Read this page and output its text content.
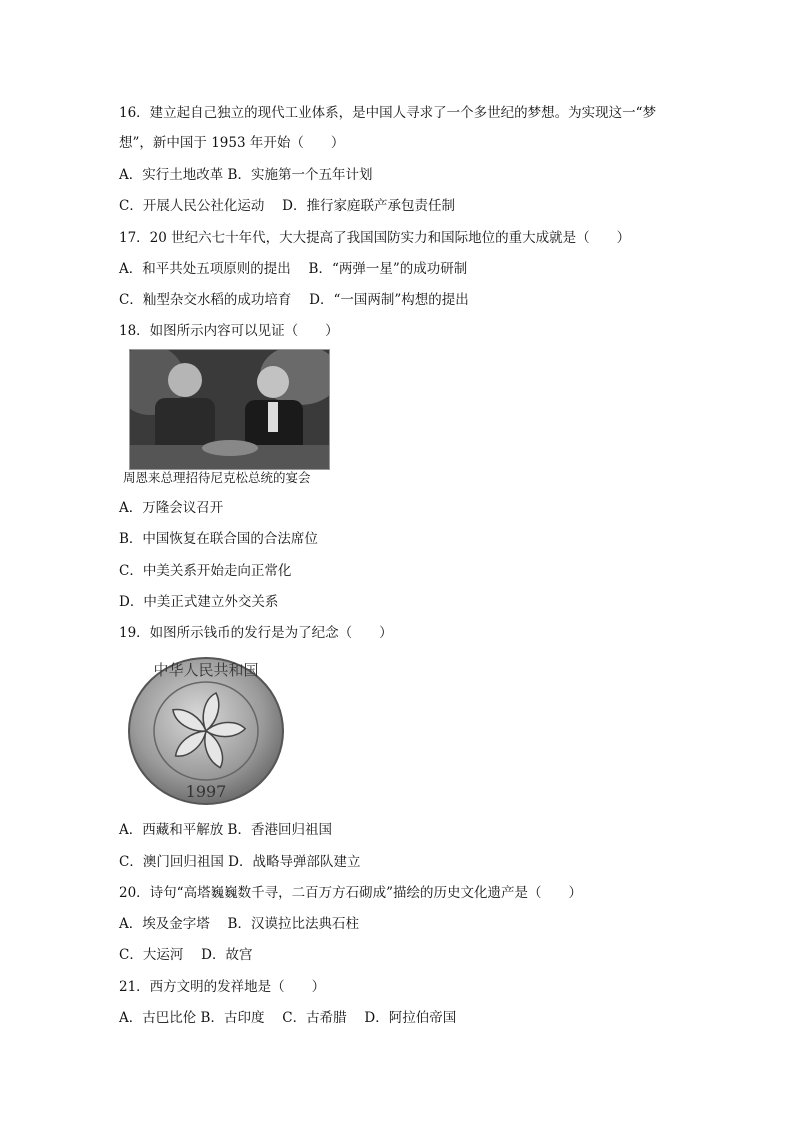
16．建立起自己独立的现代工业体系，是中国人寻求了一个多世纪的梦想。为实现这一“梦
想”，新中国于 1953 年开始（　　）
A．实行土地改革 B．实施第一个五年计划
C．开展人民公社化运动　 D．推行家庭联产承包责任制
17．20 世纪六七十年代，大大提高了我国国防实力和国际地位的重大成就是（　　）
A．和平共处五项原则的提出　 B．“两弹一星”的成功研制
C．籼型杂交水稻的成功培育　 D．“一国两制”构想的提出
18．如图所示内容可以见证（　　）
周恩来总理招待尼克松总统的宴会
A．万隆会议召开
B．中国恢复在联合国的合法席位
C．中美关系开始走向正常化
D．中美正式建立外交关系
19．如图所示钱币的发行是为了纪念（　　）
中华人民共和国
1997
A．西藏和平解放 B．香港回归祖国
C．澳门回归祖国 D．战略导弹部队建立
20．诗句“高塔巍巍数千寻，二百万方石砌成”描绘的历史文化遗产是（　　）
A．埃及金字塔　 B．汉谟拉比法典石柱
C．大运河　 D．故宫
21．西方文明的发祥地是（　　）
A．古巴比伦 B．古印度　 C．古希腊　 D．阿拉伯帝国
